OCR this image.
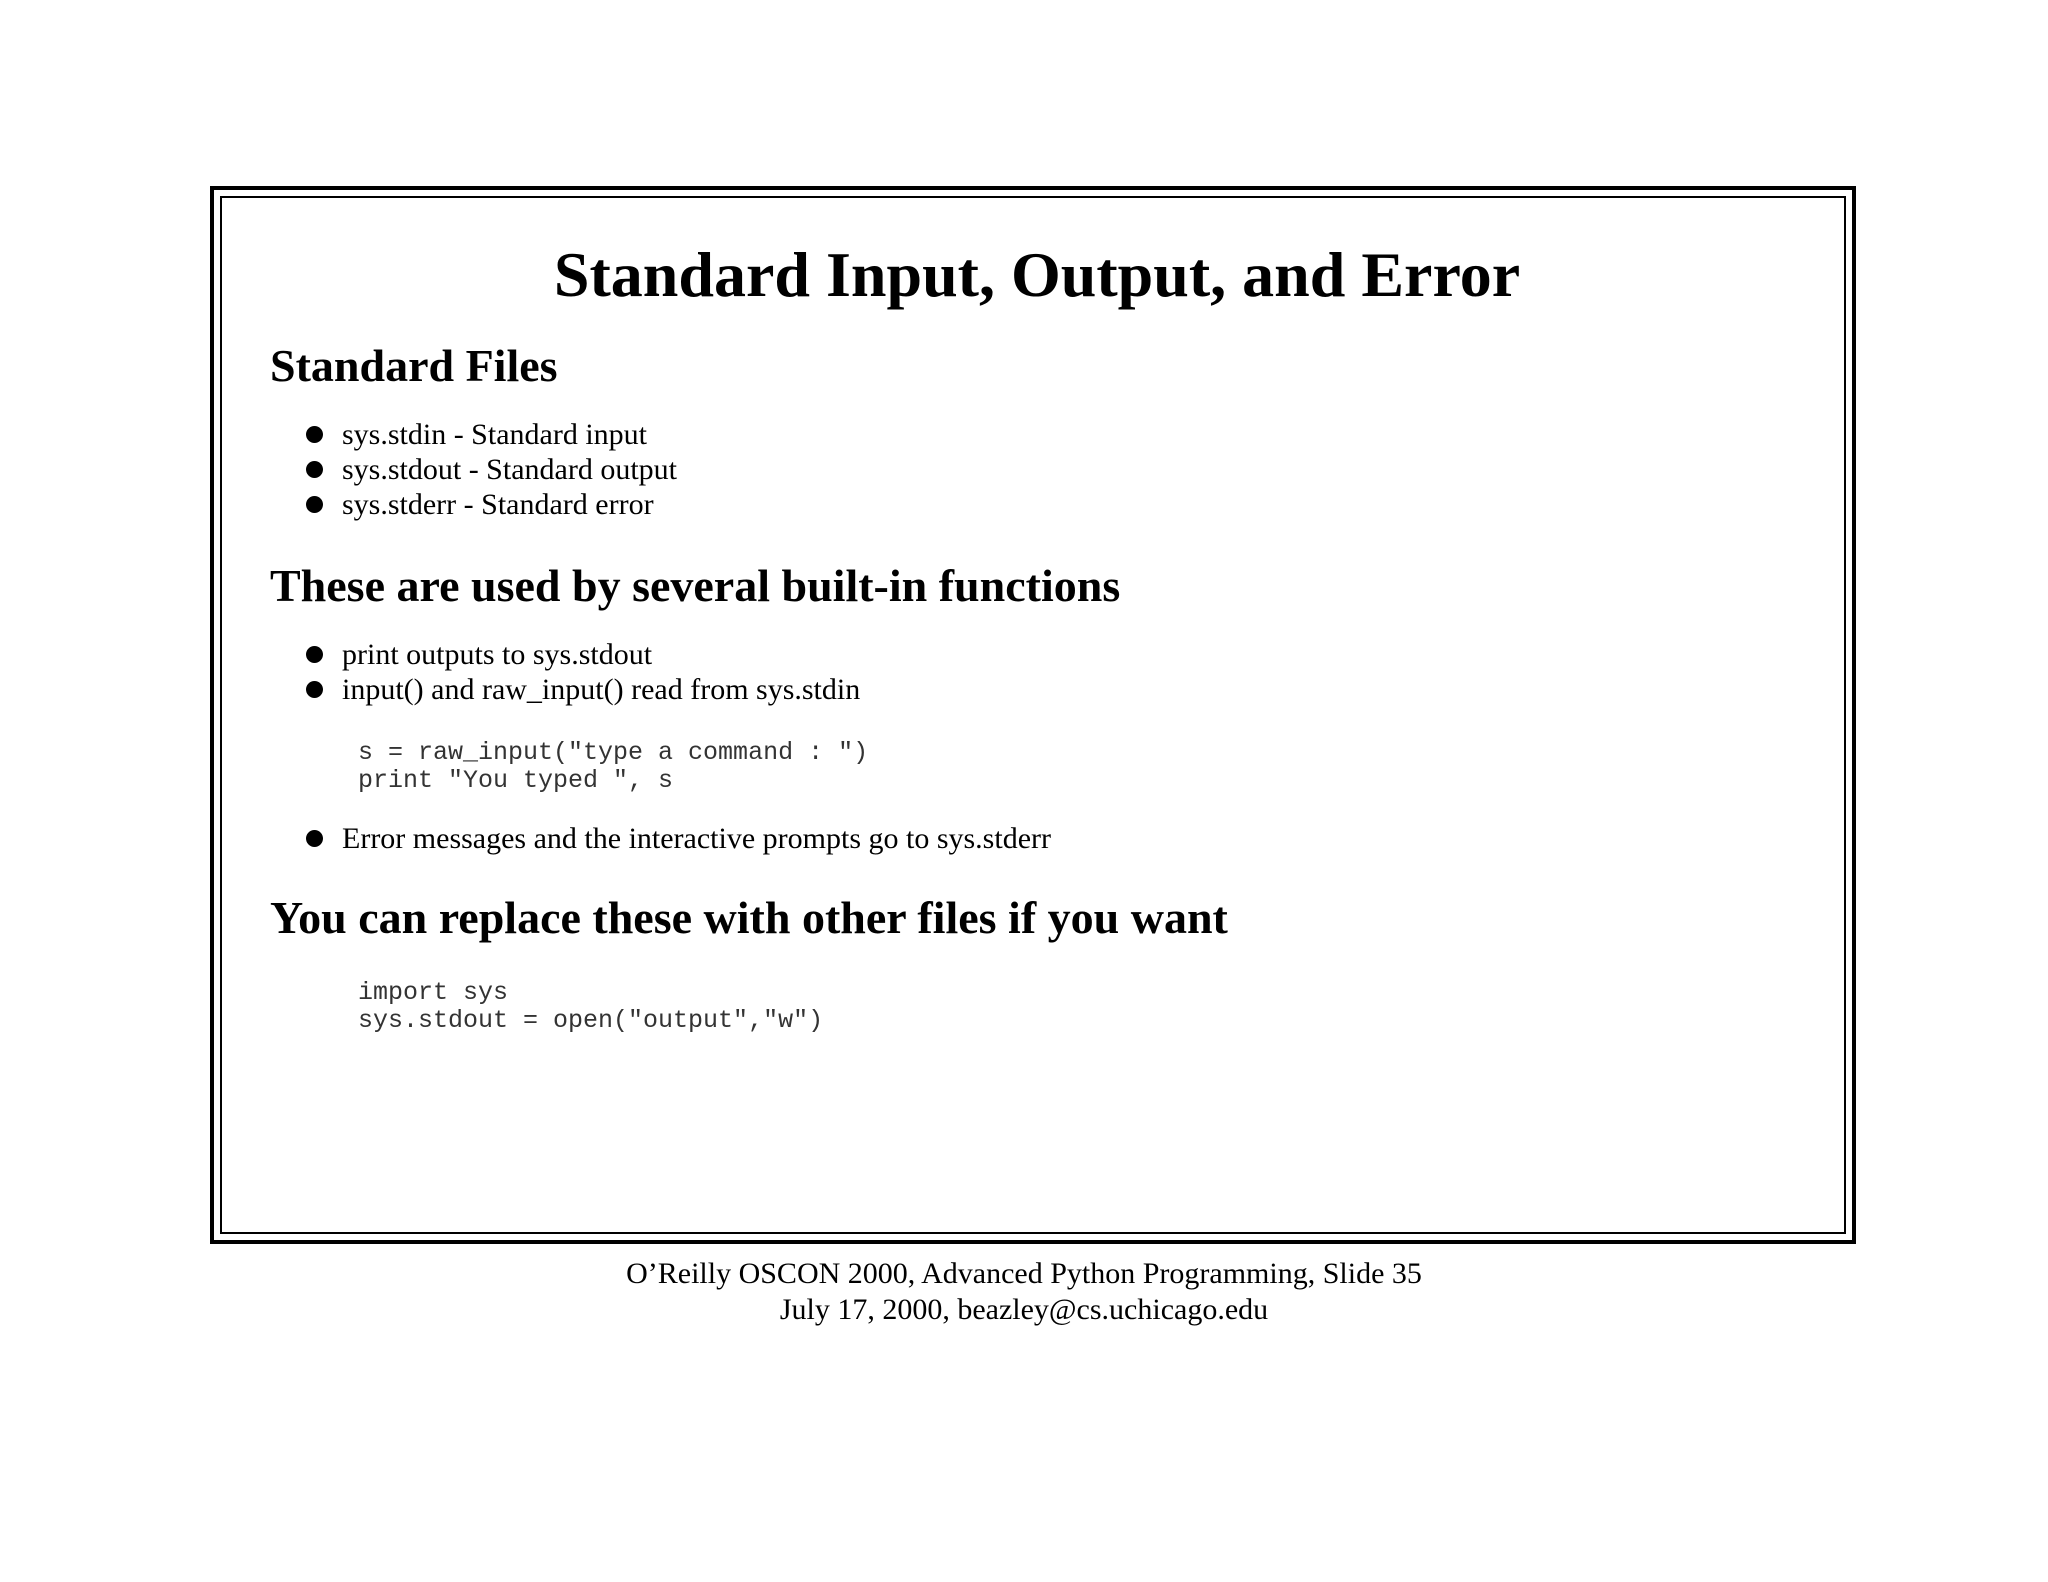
Standard Input, Output, and Error
Standard Files
sys.stdin - Standard input
sys.stdout - Standard output
sys.stderr - Standard error
These are used by several built-in functions
print outputs to sys.stdout
input() and raw_input() read from sys.stdin
s = raw_input("type a command : ")
print "You typed ", s
Error messages and the interactive prompts go to sys.stderr
You can replace these with other files if you want
import sys
sys.stdout = open("output","w")
O’Reilly OSCON 2000, Advanced Python Programming, Slide 35
July 17, 2000, beazley@cs.uchicago.edu
